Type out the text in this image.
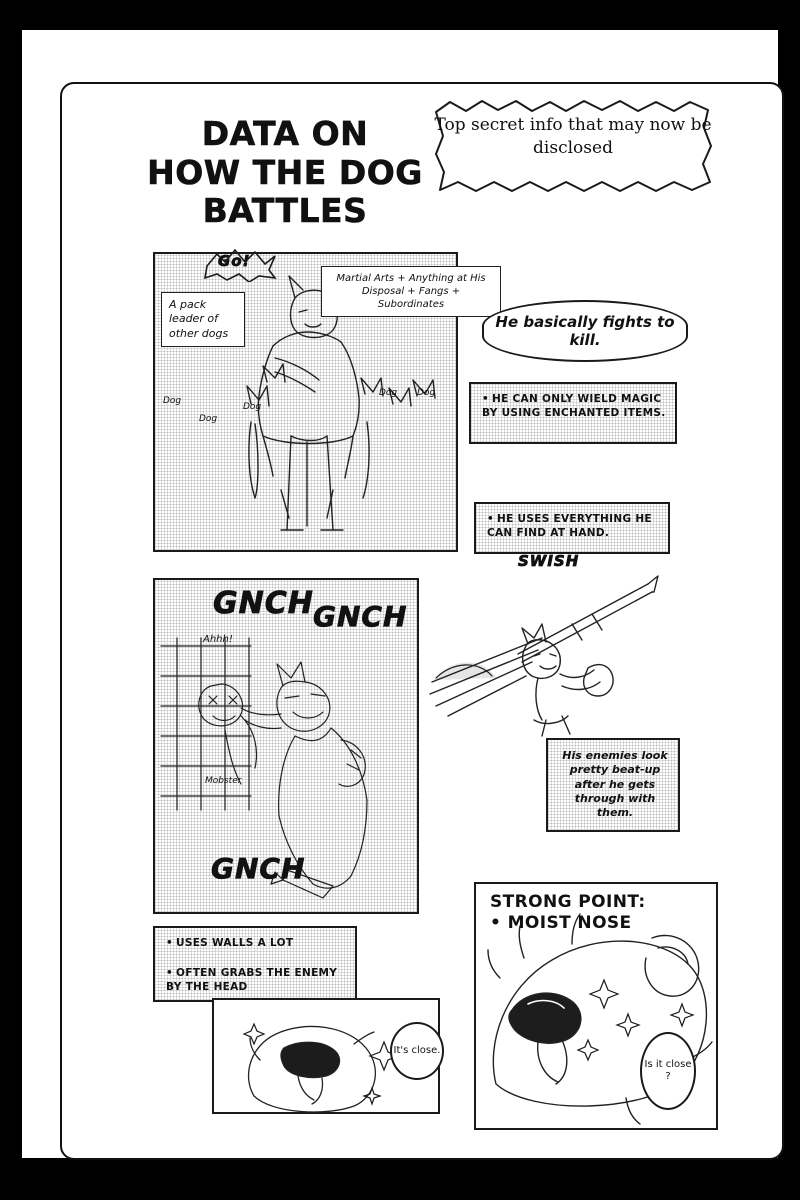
DATA ON
HOW THE DOG
BATTLES
Top secret info that may now be disclosed
Go!
A pack leader of other dogs
Martial Arts + Anything at His Disposal + Fangs + Subordinates
Dog
Dog
Dog
Dog Dog
He basically fights to kill.
• HE CAN ONLY WIELD MAGIC BY USING ENCHANTED ITEMS.
• HE USES EVERYTHING HE CAN FIND AT HAND.
SWISH
His enemies look pretty beat-up after he gets through with them.
GNCH GNCH
GNCH
Ahhh!
Mobster
• USES WALLS A LOT
• OFTEN GRABS THE ENEMY BY THE HEAD
It's close.
STRONG POINT:
• MOIST NOSE
Is it close ?
